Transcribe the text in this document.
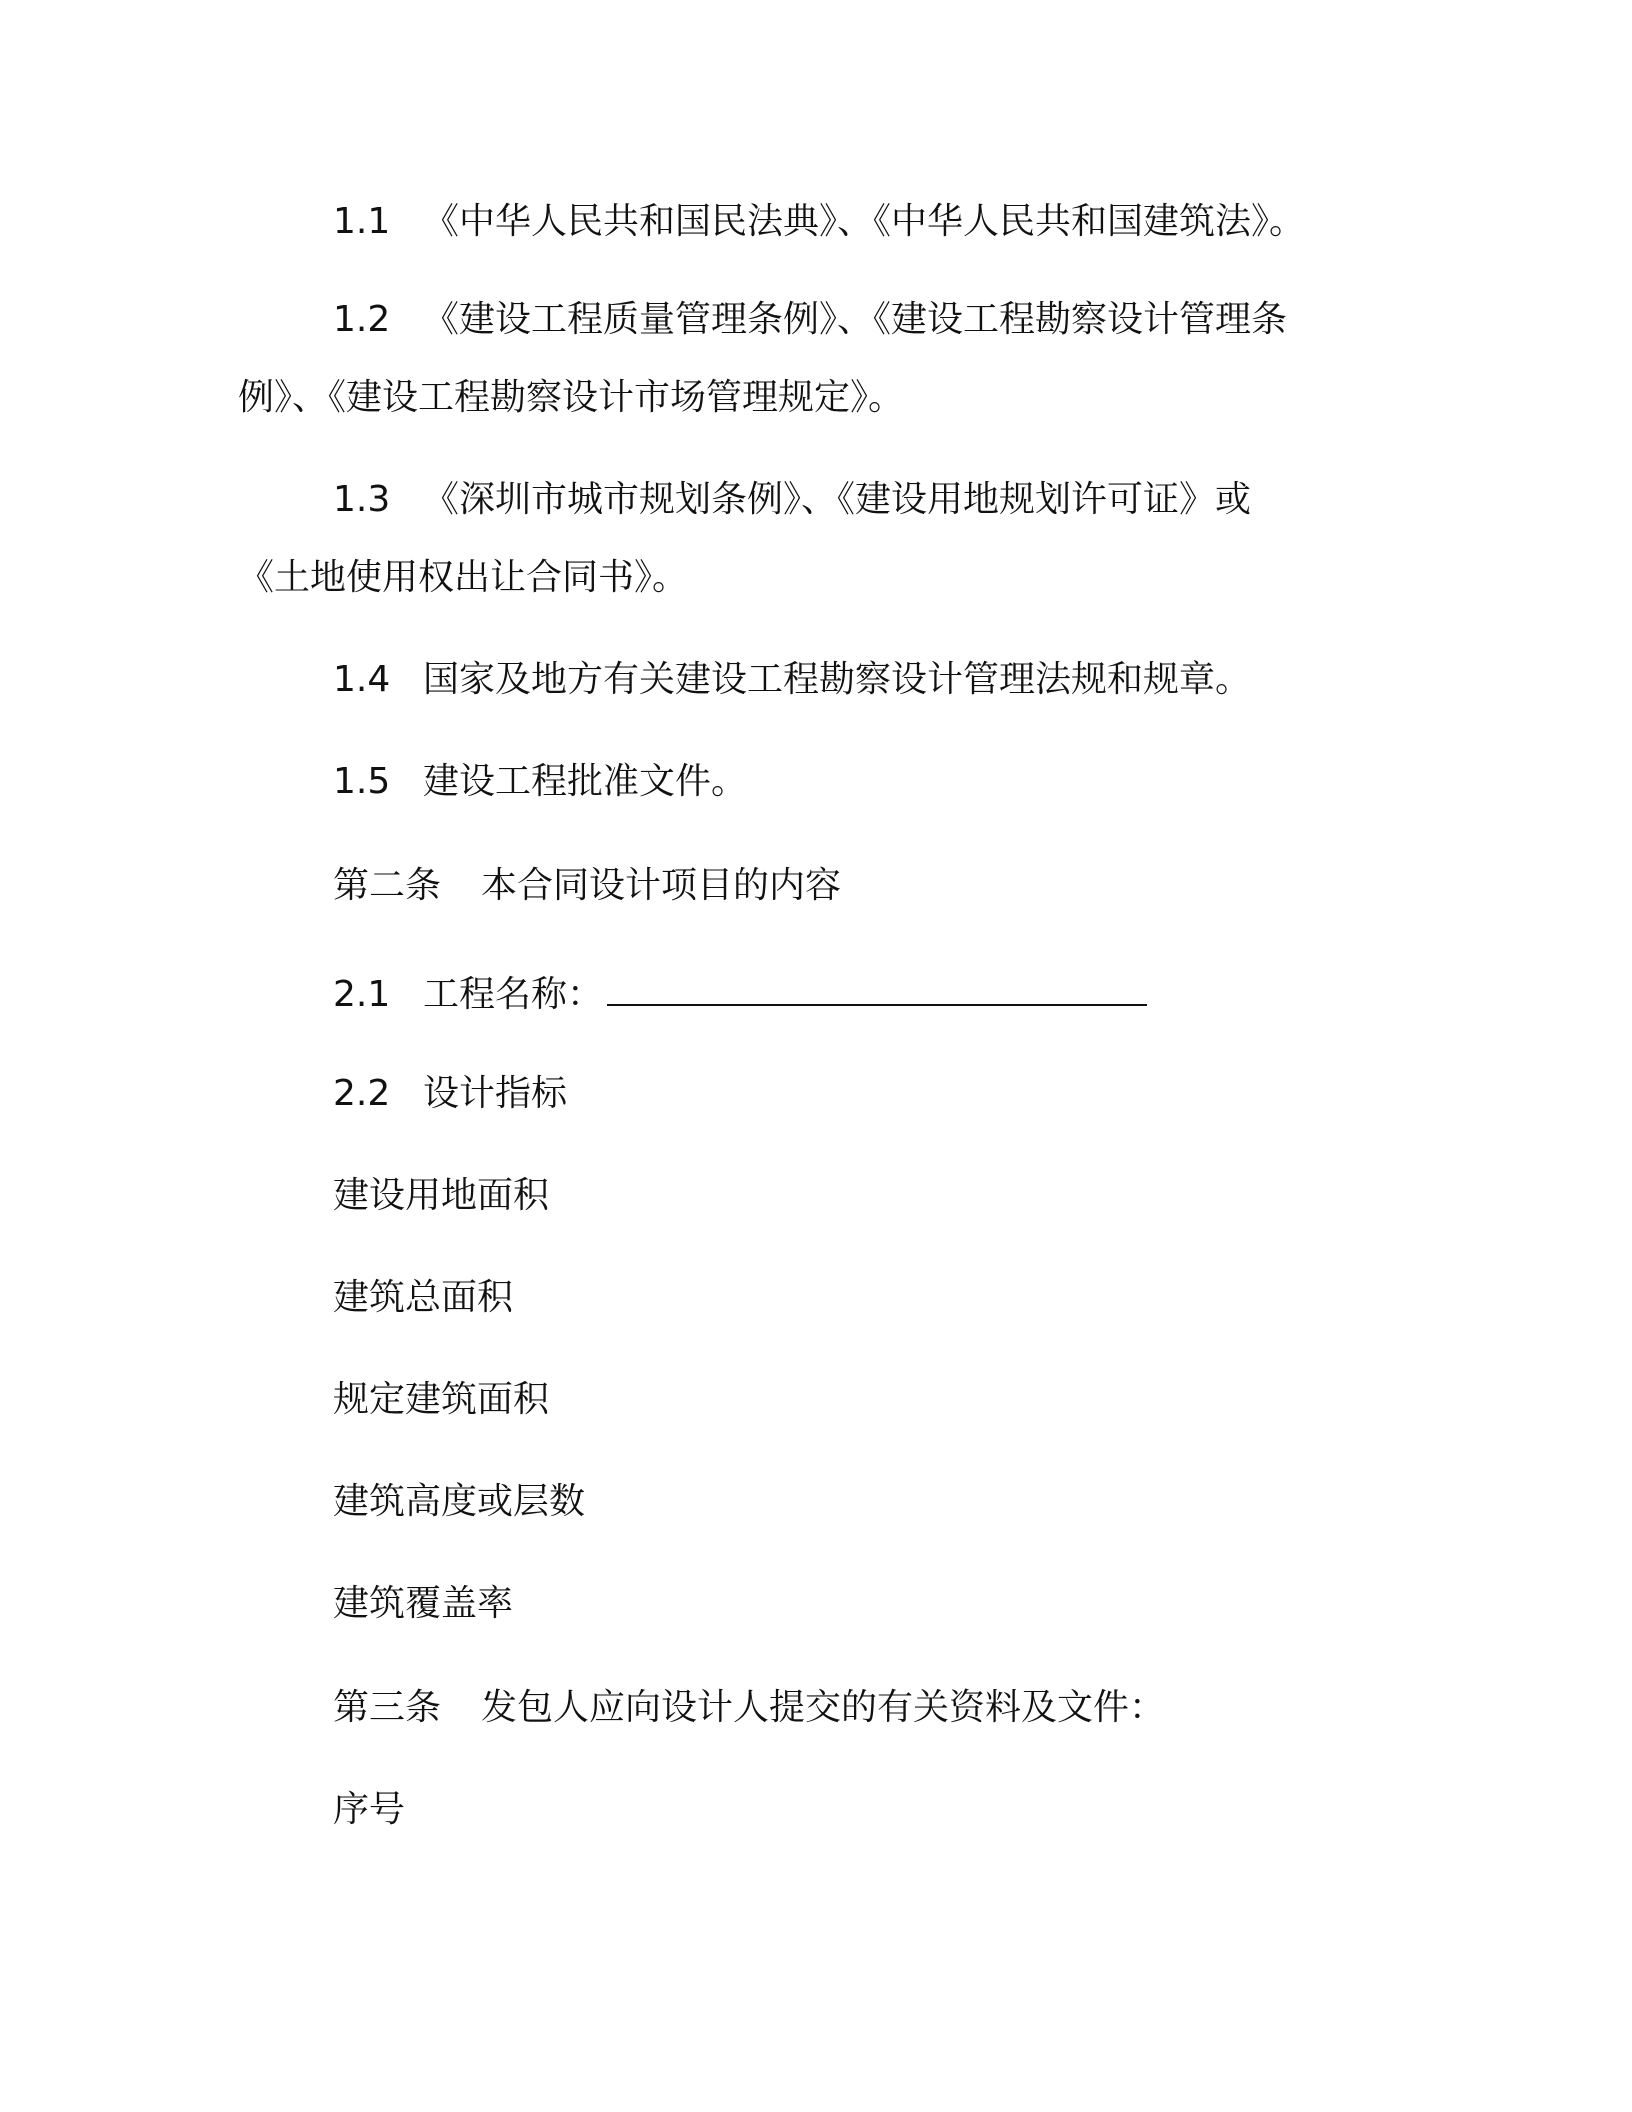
1.1 《中华人民共和国民法典》、《中华人民共和国建筑法》。
1.2 《建设工程质量管理条例》、《建设工程勘察设计管理条
例》、《建设工程勘察设计市场管理规定》。
1.3 《深圳市城市规划条例》、《建设用地规划许可证》或
《土地使用权出让合同书》。
1.4 国家及地方有关建设工程勘察设计管理法规和规章。
1.5 建设工程批准文件。
第二条 本合同设计项目的内容
2.1 工程名称：
2.2 设计指标
建设用地面积
建筑总面积
规定建筑面积
建筑高度或层数
建筑覆盖率
第三条 发包人应向设计人提交的有关资料及文件：
序号
